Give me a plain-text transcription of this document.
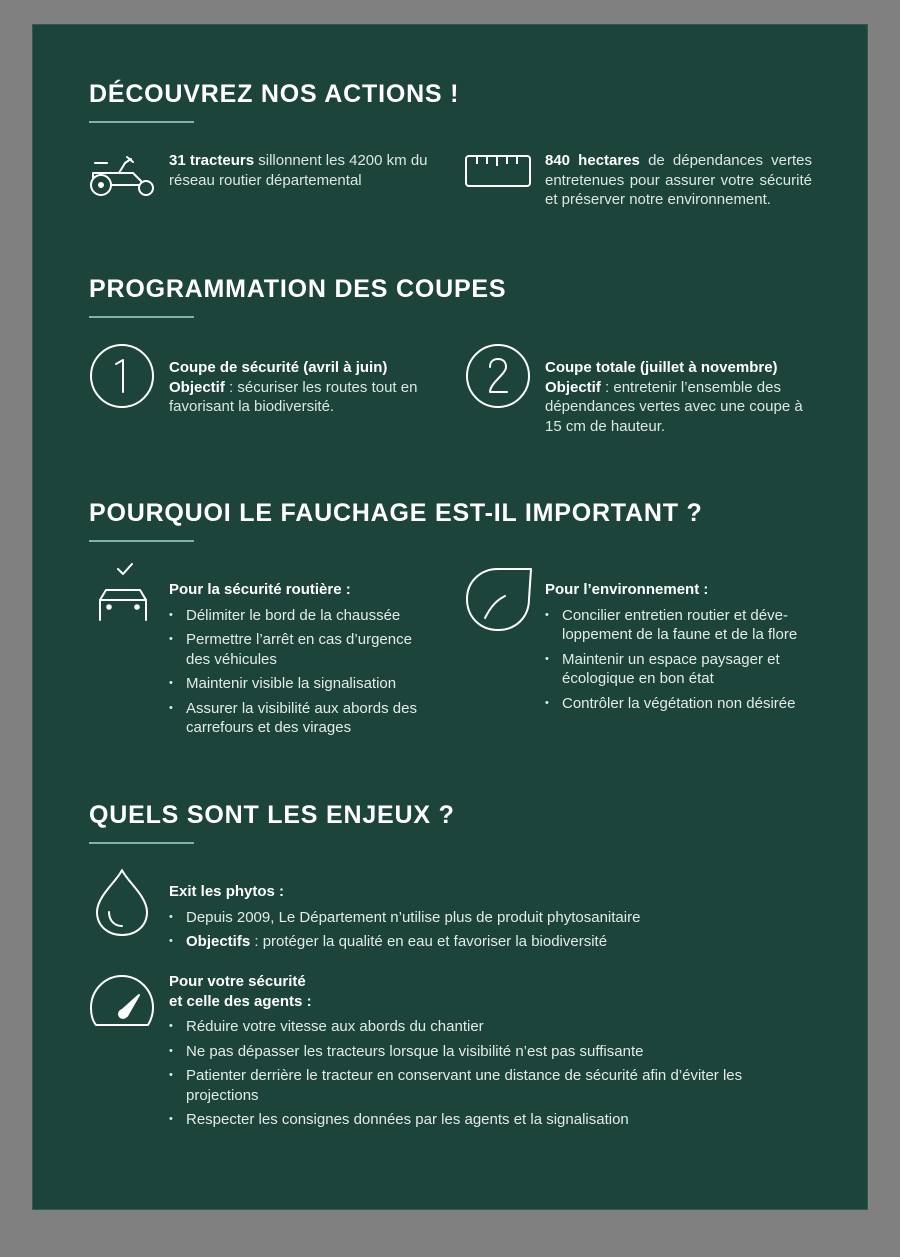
DÉCOUVREZ NOS ACTIONS !
31 tracteurs sillonnent les 4200 km du réseau routier départemental
840 hectares de dépendances vertes entretenues pour assurer votre sécurité et préserver notre environnement.
PROGRAMMATION DES COUPES
Coupe de sécurité (avril à juin)
Objectif : sécuriser les routes tout en favorisant la biodiversité.
Coupe totale (juillet à novembre)
Objectif : entretenir l’ensemble des dépendances vertes avec une coupe à 15 cm de hauteur.
POURQUOI LE FAUCHAGE EST-IL IMPORTANT ?
Pour la sécurité routière :
• Délimiter le bord de la chaussée
• Permettre l’arrêt en cas d’urgence des véhicules
• Maintenir visible la signalisation
• Assurer la visibilité aux abords des carrefours et des virages
Pour l’environnement :
• Concilier entretien routier et déve-loppement de la faune et de la flore
• Maintenir un espace paysager et écologique en bon état
• Contrôler la végétation non désirée
QUELS SONT LES ENJEUX ?
Exit les phytos :
• Depuis 2009, Le Département n’utilise plus de produit phytosanitaire
• Objectifs : protéger la qualité en eau et favoriser la biodiversité
Pour votre sécurité
et celle des agents :
• Réduire votre vitesse aux abords du chantier
• Ne pas dépasser les tracteurs lorsque la visibilité n’est pas suffisante
• Patienter derrière le tracteur en conservant une distance de sécurité afin d’éviter les projections
• Respecter les consignes données par les agents et la signalisation
